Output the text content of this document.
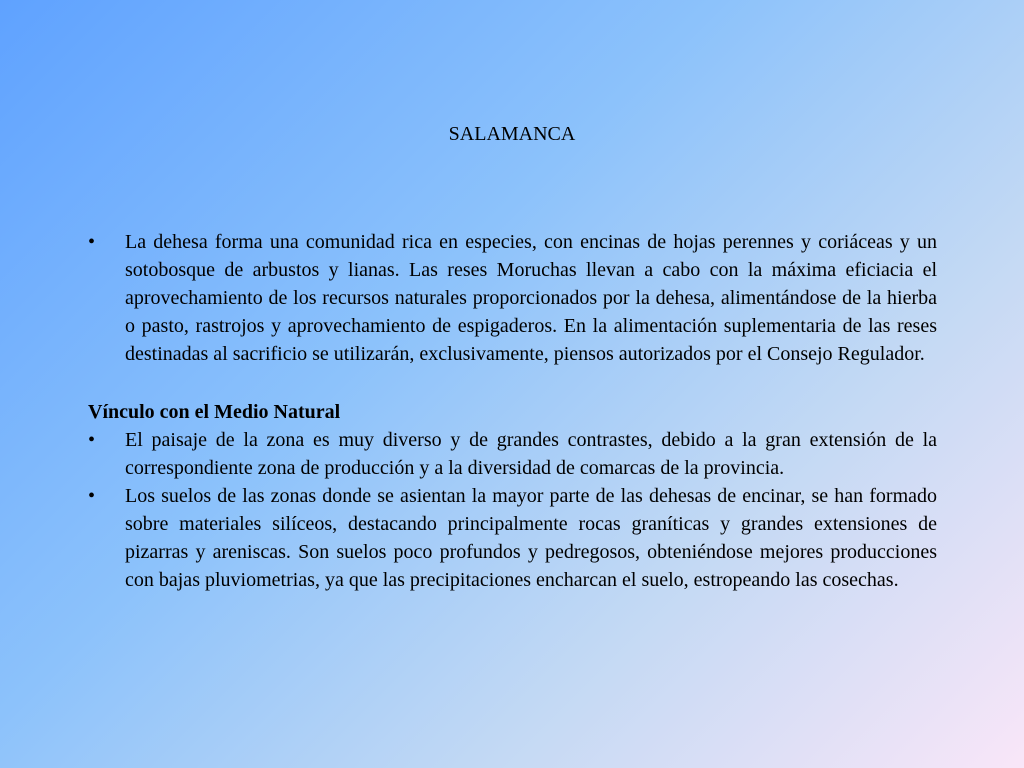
SALAMANCA
• La dehesa forma una comunidad rica en especies, con encinas de hojas perennes y coriáceas y un sotobosque de arbustos y lianas. Las reses Moruchas llevan a cabo con la máxima eficiacia el aprovechamiento de los recursos naturales proporcionados por la dehesa, alimentándose de la hierba o pasto, rastrojos y aprovechamiento de espigaderos. En la alimentación suplementaria de las reses destinadas al sacrificio se utilizarán, exclusivamente, piensos autorizados por el Consejo Regulador.
Vínculo con el Medio Natural
• El paisaje de la zona es muy diverso y de grandes contrastes, debido a la gran extensión de la correspondiente zona de producción y a la diversidad de comarcas de la provincia.
• Los suelos de las zonas donde se asientan la mayor parte de las dehesas de encinar, se han formado sobre materiales silíceos, destacando principalmente rocas graníticas y grandes extensiones de pizarras y areniscas. Son suelos poco profundos y pedregosos, obteniéndose mejores producciones con bajas pluviometrias, ya que las precipitaciones encharcan el suelo, estropeando las cosechas.
